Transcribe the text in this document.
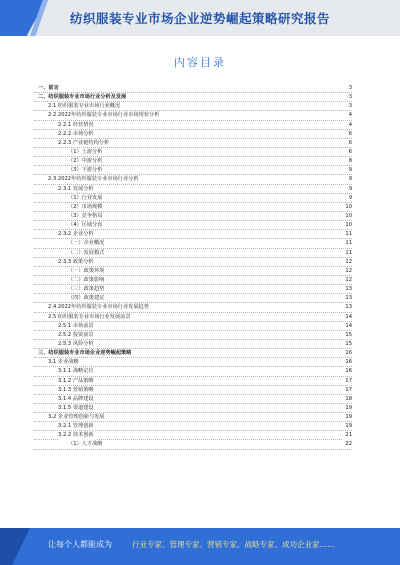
纺织服装专业市场企业逆势崛起策略研究报告
内容目录
一、前言	3
二、纺织服装专业市场行业分析及发展	3
2.1 纺织服装专业市场行业概况	3
2.2 2022年纺织服装专业市场行业市场现状分析	4
2.2.1 经营情况	4
2.2.2 市场分析	6
2.2.3 产业链结构分析	6
（1）上游分析	6
（2）中游分析	8
（3）下游分析	9
2.3 2022年纺织服装专业市场行业分析	9
2.3.1 发展分析	9
（1）行业发展	9
（2）市场规模	10
（3）竞争格局	10
（4）区域分布	10
2.3.2 企业分析	11
（一）企业概况	11
（二）发展模式	11
2.3.3 政策分析	12
（一）政策环境	12
（二）政策影响	12
（三）政策趋势	13
（四）政策建议	13
2.4 2022年纺织服装专业市场行业发展趋势	13
2.5 纺织服装专业市场行业发展前景	14
2.5.1 市场前景	14
2.5.2 投资前景	15
2.5.3 风险分析	15
三、纺织服装专业市场企业逆势崛起策略	16
3.1 企业战略	16
3.1.1 战略定位	16
3.1.2 产品策略	17
3.1.3 营销策略	17
3.1.4 品牌建设	18
3.1.5 渠道建设	19
3.2 企业管理创新与发展	19
3.2.1 管理创新	19
3.2.2 技术创新	21
（1）人才战略	22
让每个人都能成为	行业专家、管理专家、营销专家、战略专家、成功企业家……
